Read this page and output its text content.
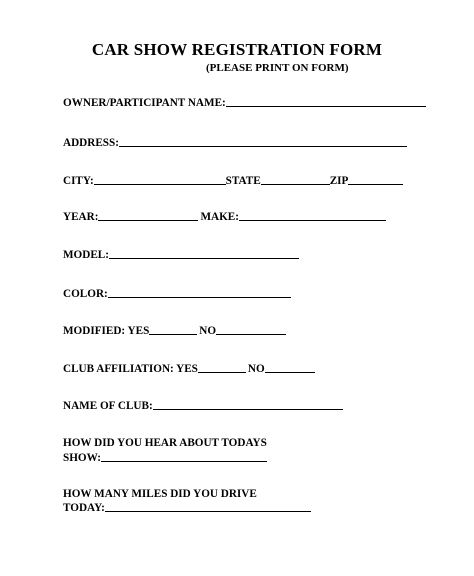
CAR SHOW REGISTRATION FORM
(PLEASE PRINT ON FORM)
OWNER/PARTICIPANT NAME:
ADDRESS:
CITY:	STATE	ZIP
YEAR:	MAKE:
MODEL:
COLOR:
MODIFIED: YES	NO
CLUB AFFILIATION: YES	NO
NAME OF CLUB:
HOW DID YOU HEAR ABOUT TODAYS
SHOW:
HOW MANY MILES DID YOU DRIVE
TODAY:
